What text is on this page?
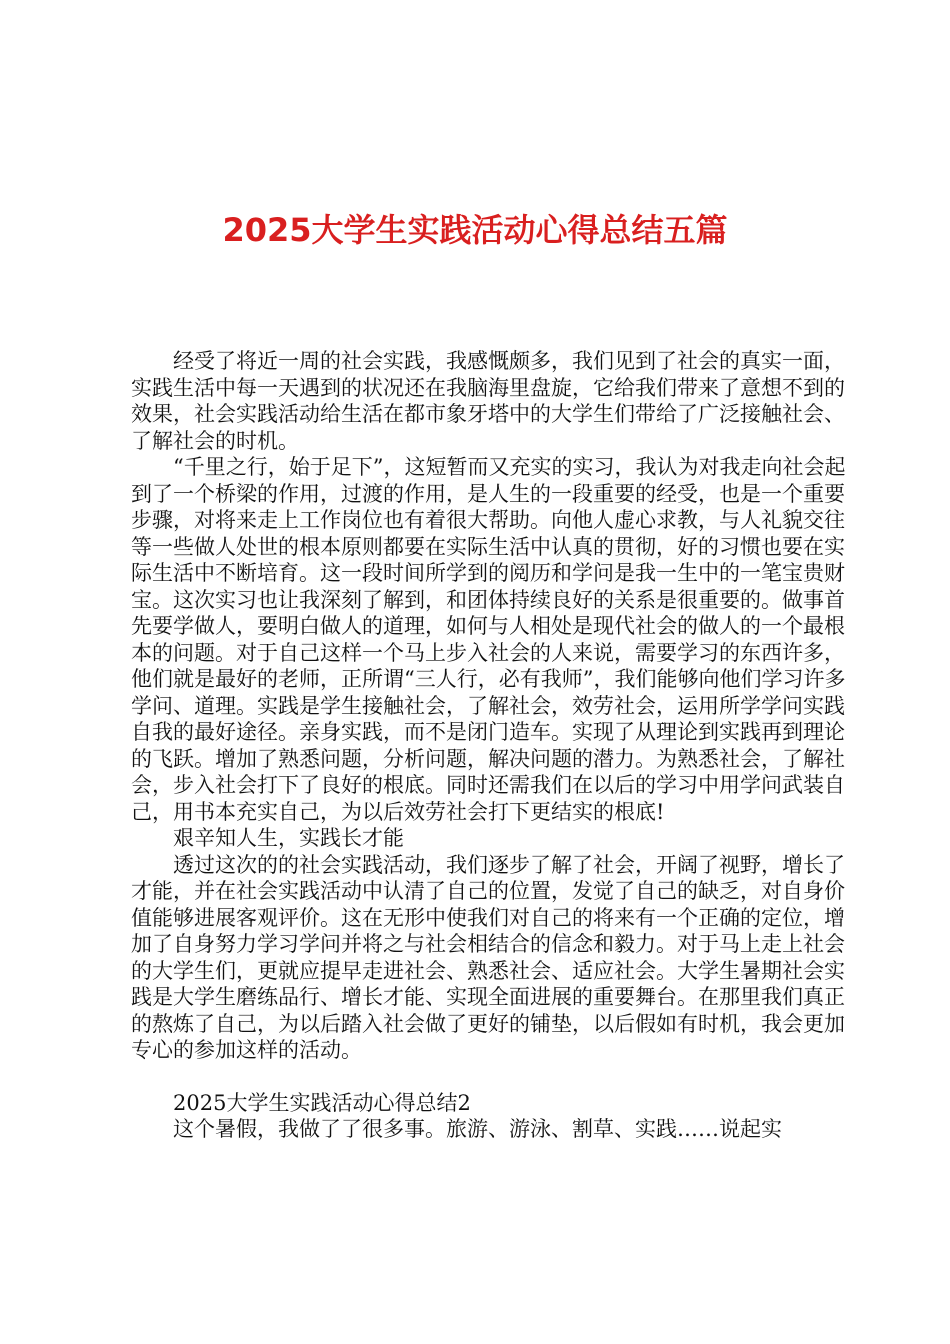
2025大学生实践活动心得总结五篇

经受了将近一周的社会实践，我感慨颇多，我们见到了社会的真实一面，实践生活中每一天遇到的状况还在我脑海里盘旋，它给我们带来了意想不到的效果，社会实践活动给生活在都市象牙塔中的大学生们带给了广泛接触社会、了解社会的时机。

“千里之行，始于足下”，这短暂而又充实的实习，我认为对我走向社会起到了一个桥梁的作用，过渡的作用，是人生的一段重要的经受，也是一个重要步骤，对将来走上工作岗位也有着很大帮助。向他人虚心求教，与人礼貌交往等一些做人处世的根本原则都要在实际生活中认真的贯彻，好的习惯也要在实际生活中不断培育。这一段时间所学到的阅历和学问是我一生中的一笔宝贵财宝。这次实习也让我深刻了解到，和团体持续良好的关系是很重要的。做事首先要学做人，要明白做人的道理，如何与人相处是现代社会的做人的一个最根本的问题。对于自己这样一个马上步入社会的人来说，需要学习的东西许多，他们就是最好的老师，正所谓“三人行，必有我师”，我们能够向他们学习许多学问、道理。实践是学生接触社会，了解社会，效劳社会，运用所学学问实践自我的最好途径。亲身实践，而不是闭门造车。实现了从理论到实践再到理论的飞跃。增加了熟悉问题，分析问题，解决问题的潜力。为熟悉社会，了解社会，步入社会打下了良好的根底。同时还需我们在以后的学习中用学问武装自己，用书本充实自己，为以后效劳社会打下更结实的根底!

艰辛知人生，实践长才能

透过这次的的社会实践活动，我们逐步了解了社会，开阔了视野，增长了才能，并在社会实践活动中认清了自己的位置，发觉了自己的缺乏，对自身价值能够进展客观评价。这在无形中使我们对自己的将来有一个正确的定位，增加了自身努力学习学问并将之与社会相结合的信念和毅力。对于马上走上社会的大学生们，更就应提早走进社会、熟悉社会、适应社会。大学生暑期社会实践是大学生磨练品行、增长才能、实现全面进展的重要舞台。在那里我们真正的熬炼了自己，为以后踏入社会做了更好的铺垫，以后假如有时机，我会更加专心的参加这样的活动。

2025大学生实践活动心得总结2

这个暑假，我做了了很多事。旅游、游泳、割草、实践……说起实
